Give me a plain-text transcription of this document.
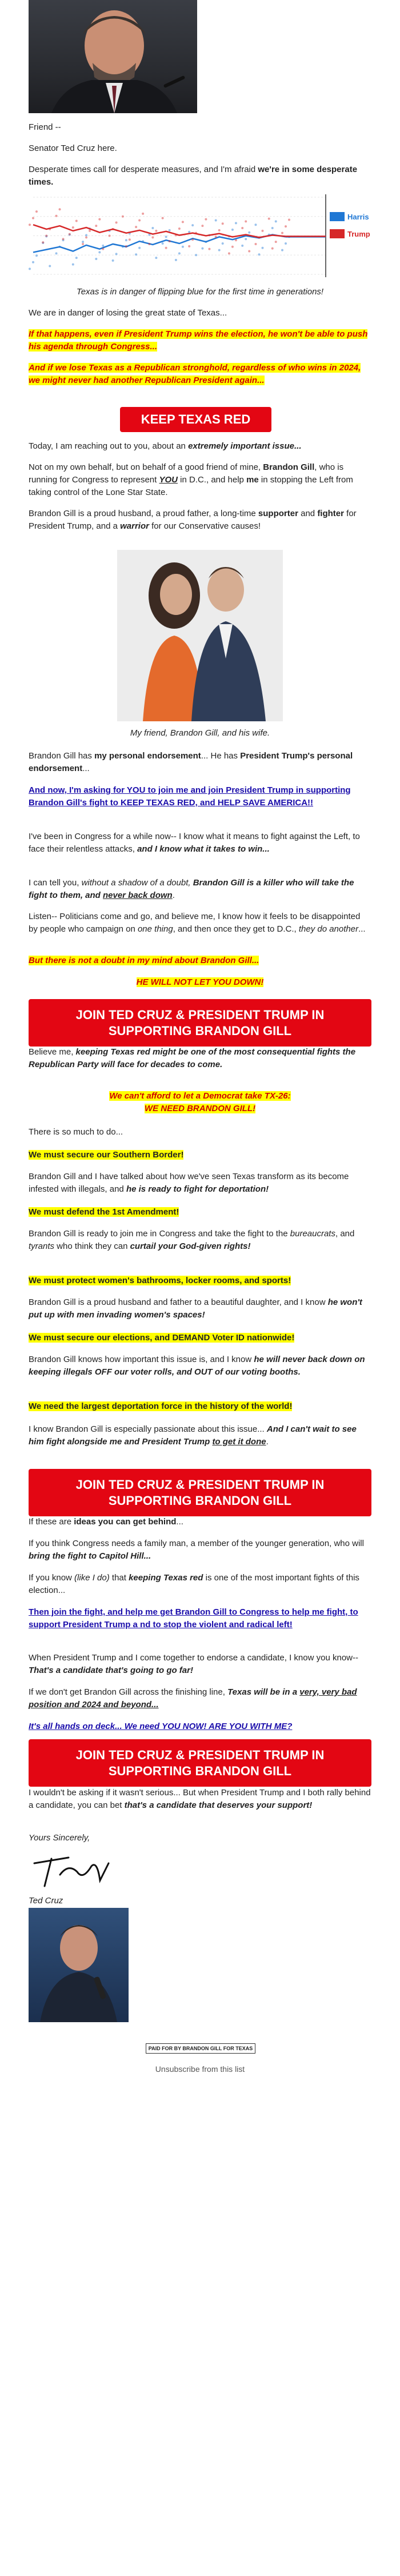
Friend --

Senator Ted Cruz here.

Desperate times call for desperate measures, and I'm afraid we're in some desperate times.

Harris
Trump

Texas is in danger of flipping blue for the first time in generations!

We are in danger of losing the great state of Texas...

If that happens, even if President Trump wins the election, he won't be able to push his agenda through Congress...

And if we lose Texas as a Republican stronghold, regardless of who wins in 2024, we might never had another Republican President again...

KEEP TEXAS RED

Today, I am reaching out to you, about an extremely important issue...

Not on my own behalf, but on behalf of a good friend of mine, Brandon Gill, who is running for Congress to represent YOU in D.C., and help me in stopping the Left from taking control of the Lone Star State.

Brandon Gill is a proud husband, a proud father, a long-time supporter and fighter for President Trump, and a warrior for our Conservative causes!

My friend, Brandon Gill, and his wife.

Brandon Gill has my personal endorsement... He has President Trump's personal endorsement...

And now, I'm asking for YOU to join me and join President Trump in supporting Brandon Gill's fight to KEEP TEXAS RED, and HELP SAVE AMERICA!!

I've been in Congress for a while now-- I know what it means to fight against the Left, to face their relentless attacks, and I know what it takes to win...

I can tell you, without a shadow of a doubt, Brandon Gill is a killer who will take the fight to them, and never back down.

Listen-- Politicians come and go, and believe me, I know how it feels to be disappointed by people who campaign on one thing, and then once they get to D.C., they do another...

But there is not a doubt in my mind about Brandon Gill...

HE WILL NOT LET YOU DOWN!

JOIN TED CRUZ & PRESIDENT TRUMP IN SUPPORTING BRANDON GILL

Believe me, keeping Texas red might be one of the most consequential fights the Republican Party will face for decades to come.

We can't afford to let a Democrat take TX-26:
WE NEED BRANDON GILL!

There is so much to do...

We must secure our Southern Border!

Brandon Gill and I have talked about how we've seen Texas transform as its become infested with illegals, and he is ready to fight for deportation!

We must defend the 1st Amendment!

Brandon Gill is ready to join me in Congress and take the fight to the bureaucrats, and tyrants who think they can curtail your God-given rights!

We must protect women's bathrooms, locker rooms, and sports!

Brandon Gill is a proud husband and father to a beautiful daughter, and I know he won't put up with men invading women's spaces!

We must secure our elections, and DEMAND Voter ID nationwide!

Brandon Gill knows how important this issue is, and I know he will never back down on keeping illegals OFF our voter rolls, and OUT of our voting booths.

We need the largest deportation force in the history of the world!

I know Brandon Gill is especially passionate about this issue... And I can't wait to see him fight alongside me and President Trump to get it done.

JOIN TED CRUZ & PRESIDENT TRUMP IN SUPPORTING BRANDON GILL

If these are ideas you can get behind...

If you think Congress needs a family man, a member of the younger generation, who will bring the fight to Capitol Hill...

If you know (like I do) that keeping Texas red is one of the most important fights of this election...

Then join the fight, and help me get Brandon Gill to Congress to help me fight, to support President Trump a nd to stop the violent and radical left!

When President Trump and I come together to endorse a candidate, I know you know-- That's a candidate that's going to go far!

If we don't get Brandon Gill across the finishing line, Texas will be in a very, very bad position and 2024 and beyond...

It's all hands on deck... We need YOU NOW! ARE YOU WITH ME?

JOIN TED CRUZ & PRESIDENT TRUMP IN SUPPORTING BRANDON GILL

I wouldn't be asking if it wasn't serious... But when President Trump and I both rally behind a candidate, you can bet that's a candidate that deserves your support!

Yours Sincerely,

Ted Cruz

PAID FOR BY BRANDON GILL FOR TEXAS
Unsubscribe from this list
